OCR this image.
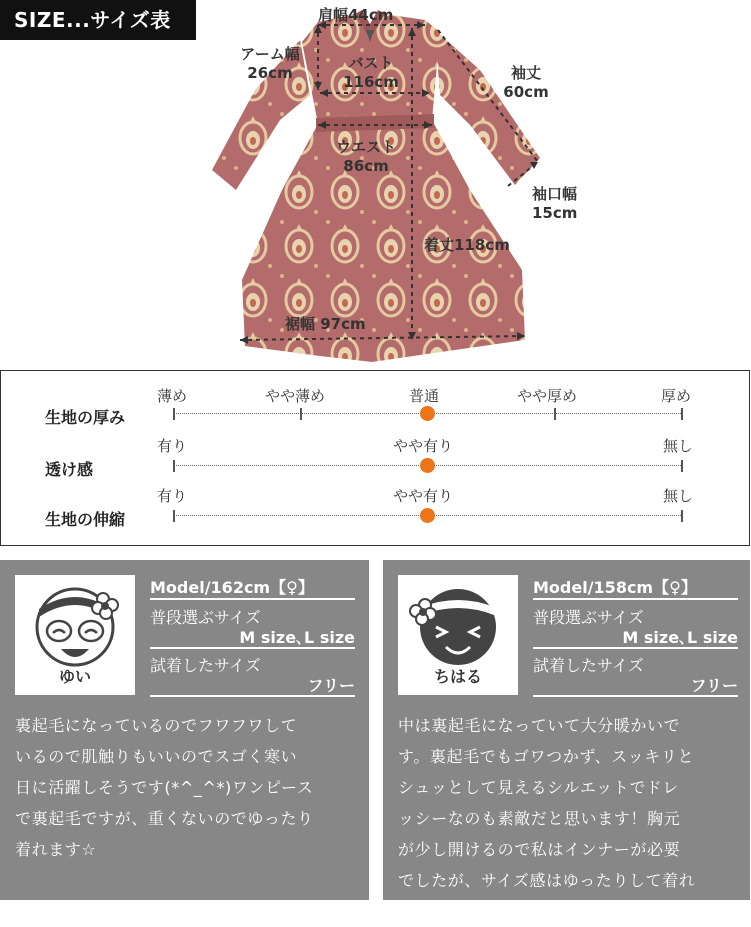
SIZE...サイズ表	肩幅44cm
アーム幅
26cm
バスト
116cm	袖丈
60cm
ウエスト
86cm
袖口幅
15cm
着丈118cm
裾幅 97cm
生地の厚み
薄め	やや薄め	普通	やや厚め	厚め
透け感
有り	やや有り	無し
生地の伸縮
有り	やや有り	無し
ゆい
Model/162cm【♀】
普段選ぶサイズ
M size､L size
試着したサイズ
フリー
裏起毛になっているのでフワフワして
いるので肌触りもいいのでスゴく寒い
日に活躍しそうです(*^_^*)ワンピース
で裏起毛ですが、重くないのでゆったり
着れます☆
ちはる
Model/158cm【♀】
普段選ぶサイズ
M size､L size
試着したサイズ
フリー
中は裏起毛になっていて大分暖かいで
す。裏起毛でもゴワつかず、スッキリと
シュッとして見えるシルエットでドレ
ッシーなのも素敵だと思います！胸元
が少し開けるので私はインナーが必要
でしたが、サイズ感はゆったりして着れ
ました！
